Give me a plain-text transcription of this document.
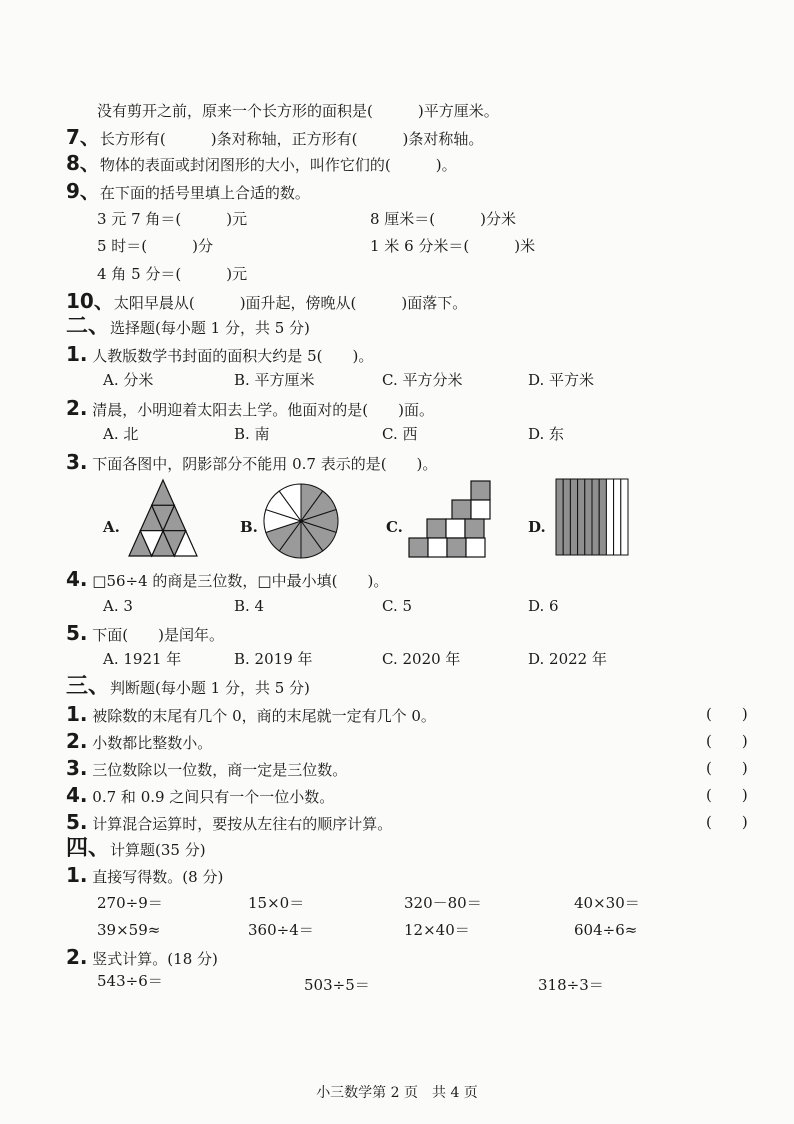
没有剪开之前，原来一个长方形的面积是(　　　)平方厘米。
7、长方形有(　　　)条对称轴，正方形有(　　　)条对称轴。
8、物体的表面或封闭图形的大小，叫作它们的(　　　)。
9、在下面的括号里填上合适的数。
3 元 7 角＝(　　　)元	8 厘米＝(　　　)分米
5 时＝(　　　)分	1 米 6 分米＝(　　　)米
4 角 5 分＝(　　　)元
10、太阳早晨从(　　　)面升起，傍晚从(　　　)面落下。
二、选择题(每小题 1 分，共 5 分)
1. 人教版数学书封面的面积大约是 5(　　)。
A. 分米	B. 平方厘米	C. 平方分米	D. 平方米
2. 清晨，小明迎着太阳去上学。他面对的是(　　)面。
A. 北	B. 南	C. 西	D. 东
3. 下面各图中，阴影部分不能用 0.7 表示的是(　　)。
A.	B.	C.	D.
4. □56÷4 的商是三位数，□中最小填(　　)。
A. 3	B. 4	C. 5	D. 6
5. 下面(　　)是闰年。
A. 1921 年	B. 2019 年	C. 2020 年	D. 2022 年
三、判断题(每小题 1 分，共 5 分)
1. 被除数的末尾有几个 0，商的末尾就一定有几个 0。	(　　)
2. 小数都比整数小。	(　　)
3. 三位数除以一位数，商一定是三位数。	(　　)
4. 0.7 和 0.9 之间只有一个一位小数。	(　　)
5. 计算混合运算时，要按从左往右的顺序计算。	(　　)
四、计算题(35 分)
1. 直接写得数。(8 分)
270÷9＝	15×0＝	320－80＝	40×30＝
39×59≈	360÷4＝	12×40＝	604÷6≈
2. 竖式计算。(18 分)
543÷6＝	503÷5＝	318÷3＝
小三数学第 2 页　共 4 页
